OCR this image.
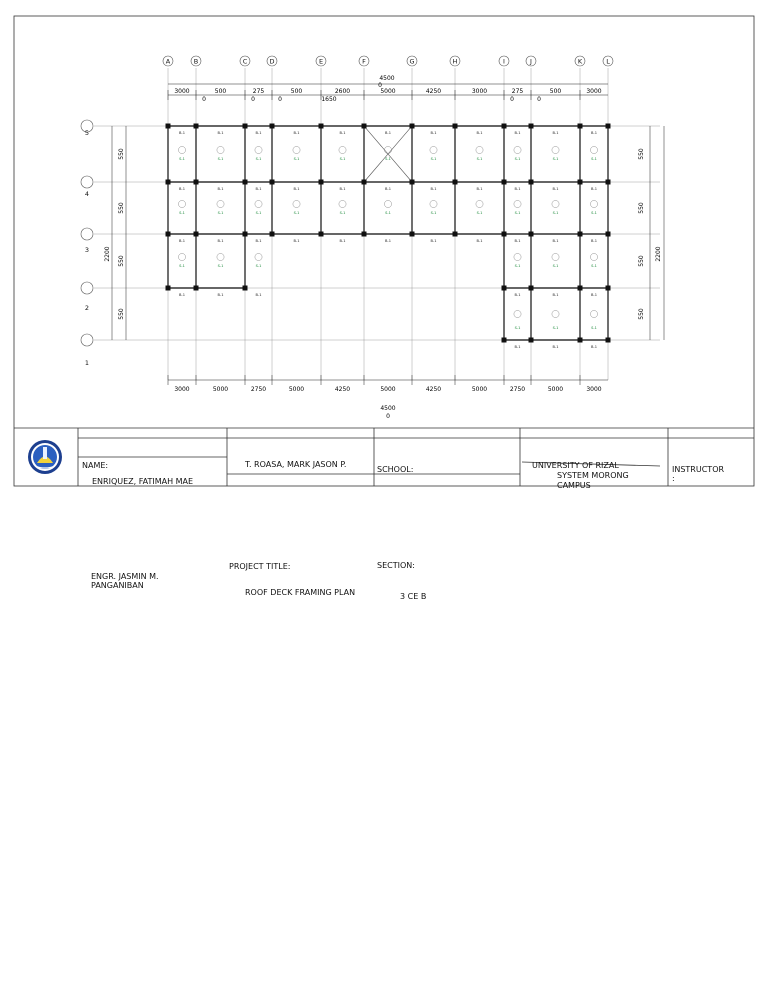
4500
0
3000	500
0
275
0
500
0
2600
1650
5000	4250	3000	275
0
500
0
3000
3000	5000	2750	5000	4250	5000	4250	5000	2750	5000	3000
4500
0
550	550
550	550
550	550
550	550
2200	2200
B-1
S-1
B-1
S-1
B-1
S-1
B-1
S-1
B-1
S-1
B-1
S-1
B-1
S-1
B-1
S-1
B-1
S-1
B-1
S-1
B-1
S-1
B-1
S-1
B-1
S-1
B-1
S-1
B-1
S-1
B-1
S-1
B-1
S-1
B-1
S-1
B-1
S-1
B-1
S-1
B-1
S-1
B-1
S-1
B-1
S-1
B-1
S-1
B-1
S-1
B-1	B-1	B-1	B-1	B-1	B-1
S-1
B-1
S-1
B-1
S-1
B-1	B-1	B-1	B-1
S-1
B-1
B-1
S-1
B-1
B-1
S-1
B-1
A	B	C	D	E	F	G	H	I	J	K	L
5
4
3
2
1
NAME:	T. ROASA, MARK JASON P.
ENRIQUEZ, FATIMAH MAE
SCHOOL:	UNIVERSITY OF RIZAL
SYSTEM MORONG
CAMPUS
INSTRUCTOR
:
ENGR. JASMIN M.
PANGANIBAN
PROJECT TITLE:
ROOF DECK FRAMING PLAN
SECTION:
3 CE B
